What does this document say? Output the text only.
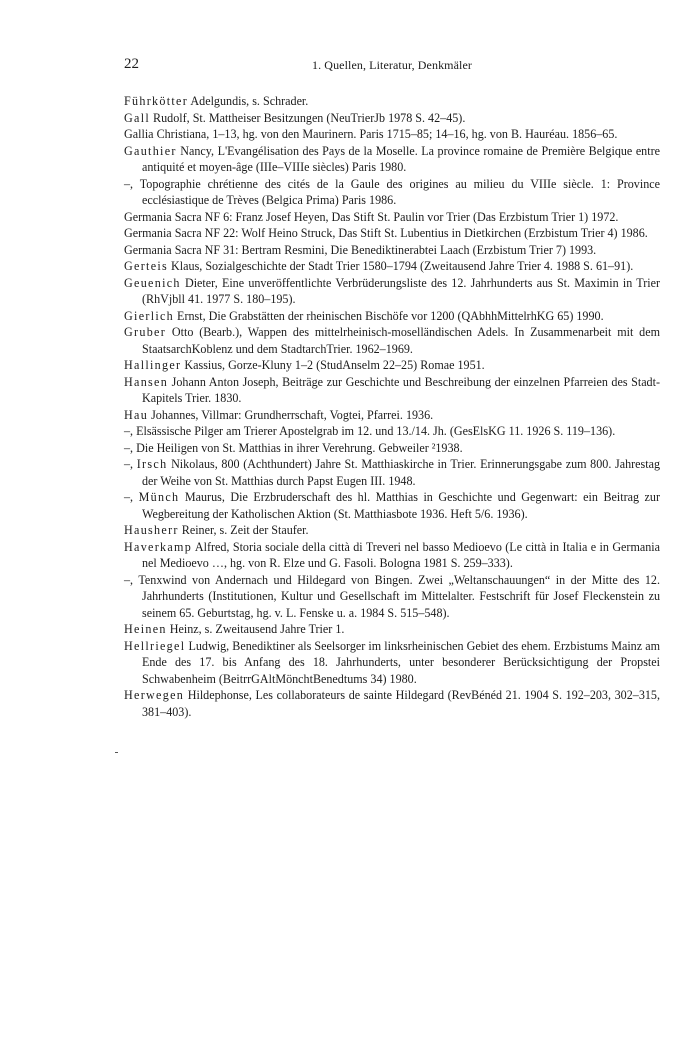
22	1. Quellen, Literatur, Denkmäler
Führkötter Adelgundis, s. Schrader.
Gall Rudolf, St. Mattheiser Besitzungen (NeuTrierJb 1978 S. 42–45).
Gallia Christiana, 1–13, hg. von den Maurinern. Paris 1715–85; 14–16, hg. von B. Hauréau. 1856–65.
Gauthier Nancy, L'Evangélisation des Pays de la Moselle. La province romaine de Première Belgique entre antiquité et moyen-âge (IIIe–VIIIe siècles) Paris 1980.
–, Topographie chrétienne des cités de la Gaule des origines au milieu du VIIIe siècle. 1: Province ecclésiastique de Trèves (Belgica Prima) Paris 1986.
Germania Sacra NF 6: Franz Josef Heyen, Das Stift St. Paulin vor Trier (Das Erzbistum Trier 1) 1972.
Germania Sacra NF 22: Wolf Heino Struck, Das Stift St. Lubentius in Dietkirchen (Erzbistum Trier 4) 1986.
Germania Sacra NF 31: Bertram Resmini, Die Benediktinerabtei Laach (Erzbistum Trier 7) 1993.
Gerteis Klaus, Sozialgeschichte der Stadt Trier 1580–1794 (Zweitausend Jahre Trier 4. 1988 S. 61–91).
Geuenich Dieter, Eine unveröffentlichte Verbrüderungsliste des 12. Jahrhunderts aus St. Maximin in Trier (RhVjbll 41. 1977 S. 180–195).
Gierlich Ernst, Die Grabstätten der rheinischen Bischöfe vor 1200 (QAbhhMittelrhKG 65) 1990.
Gruber Otto (Bearb.), Wappen des mittelrheinisch-moselländischen Adels. In Zusammenarbeit mit dem StaatsarchKoblenz und dem StadtarchTrier. 1962–1969.
Hallinger Kassius, Gorze-Kluny 1–2 (StudAnselm 22–25) Romae 1951.
Hansen Johann Anton Joseph, Beiträge zur Geschichte und Beschreibung der einzelnen Pfarreien des Stadt-Kapitels Trier. 1830.
Hau Johannes, Villmar: Grundherrschaft, Vogtei, Pfarrei. 1936.
–, Elsässische Pilger am Trierer Apostelgrab im 12. und 13./14. Jh. (GesElsKG 11. 1926 S. 119–136).
–, Die Heiligen von St. Matthias in ihrer Verehrung. Gebweiler ²1938.
–, Irsch Nikolaus, 800 (Achthundert) Jahre St. Matthiaskirche in Trier. Erinnerungsgabe zum 800. Jahrestag der Weihe von St. Matthias durch Papst Eugen III. 1948.
–, Münch Maurus, Die Erzbruderschaft des hl. Matthias in Geschichte und Gegenwart: ein Beitrag zur Wegbereitung der Katholischen Aktion (St. Matthiasbote 1936. Heft 5/6. 1936).
Hausherr Reiner, s. Zeit der Staufer.
Haverkamp Alfred, Storia sociale della città di Treveri nel basso Medioevo (Le città in Italia e in Germania nel Medioevo …, hg. von R. Elze und G. Fasoli. Bologna 1981 S. 259–333).
–, Tenxwind von Andernach und Hildegard von Bingen. Zwei „Weltanschauungen“ in der Mitte des 12. Jahrhunderts (Institutionen, Kultur und Gesellschaft im Mittelalter. Festschrift für Josef Fleckenstein zu seinem 65. Geburtstag, hg. v. L. Fenske u. a. 1984 S. 515–548).
Heinen Heinz, s. Zweitausend Jahre Trier 1.
Hellriegel Ludwig, Benediktiner als Seelsorger im linksrheinischen Gebiet des ehem. Erzbistums Mainz am Ende des 17. bis Anfang des 18. Jahrhunderts, unter besonderer Berücksichtigung der Propstei Schwabenheim (BeitrrGAltMönchtBenedtums 34) 1980.
Herwegen Hildephonse, Les collaborateurs de sainte Hildegard (RevBénéd 21. 1904 S. 192–203, 302–315, 381–403).
